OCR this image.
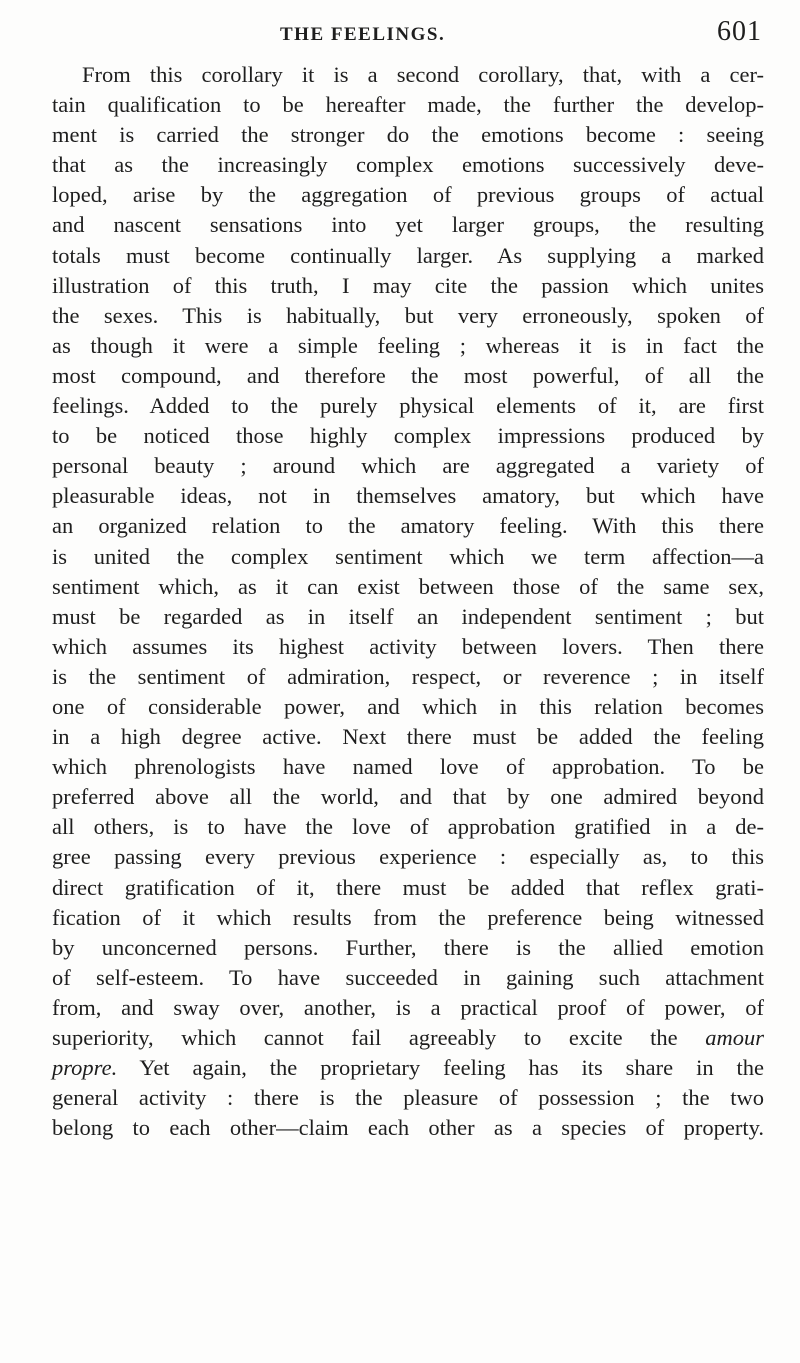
THE FEELINGS.	601
From this corollary it is a second corollary, that, with a cer-
tain qualification to be hereafter made, the further the develop-
ment is carried the stronger do the emotions become : seeing
that as the increasingly complex emotions successively deve-
loped, arise by the aggregation of previous groups of actual
and nascent sensations into yet larger groups, the resulting
totals must become continually larger. As supplying a marked
illustration of this truth, I may cite the passion which unites
the sexes. This is habitually, but very erroneously, spoken of
as though it were a simple feeling ; whereas it is in fact the
most compound, and therefore the most powerful, of all the
feelings. Added to the purely physical elements of it, are first
to be noticed those highly complex impressions produced by
personal beauty ; around which are aggregated a variety of
pleasurable ideas, not in themselves amatory, but which have
an organized relation to the amatory feeling. With this there
is united the complex sentiment which we term affection—a
sentiment which, as it can exist between those of the same sex,
must be regarded as in itself an independent sentiment ; but
which assumes its highest activity between lovers. Then there
is the sentiment of admiration, respect, or reverence ; in itself
one of considerable power, and which in this relation becomes
in a high degree active. Next there must be added the feeling
which phrenologists have named love of approbation. To be
preferred above all the world, and that by one admired beyond
all others, is to have the love of approbation gratified in a de-
gree passing every previous experience : especially as, to this
direct gratification of it, there must be added that reflex grati-
fication of it which results from the preference being witnessed
by unconcerned persons. Further, there is the allied emotion
of self-esteem. To have succeeded in gaining such attachment
from, and sway over, another, is a practical proof of power, of
superiority, which cannot fail agreeably to excite the amour
propre. Yet again, the proprietary feeling has its share in the
general activity : there is the pleasure of possession ; the two
belong to each other—claim each other as a species of property.
